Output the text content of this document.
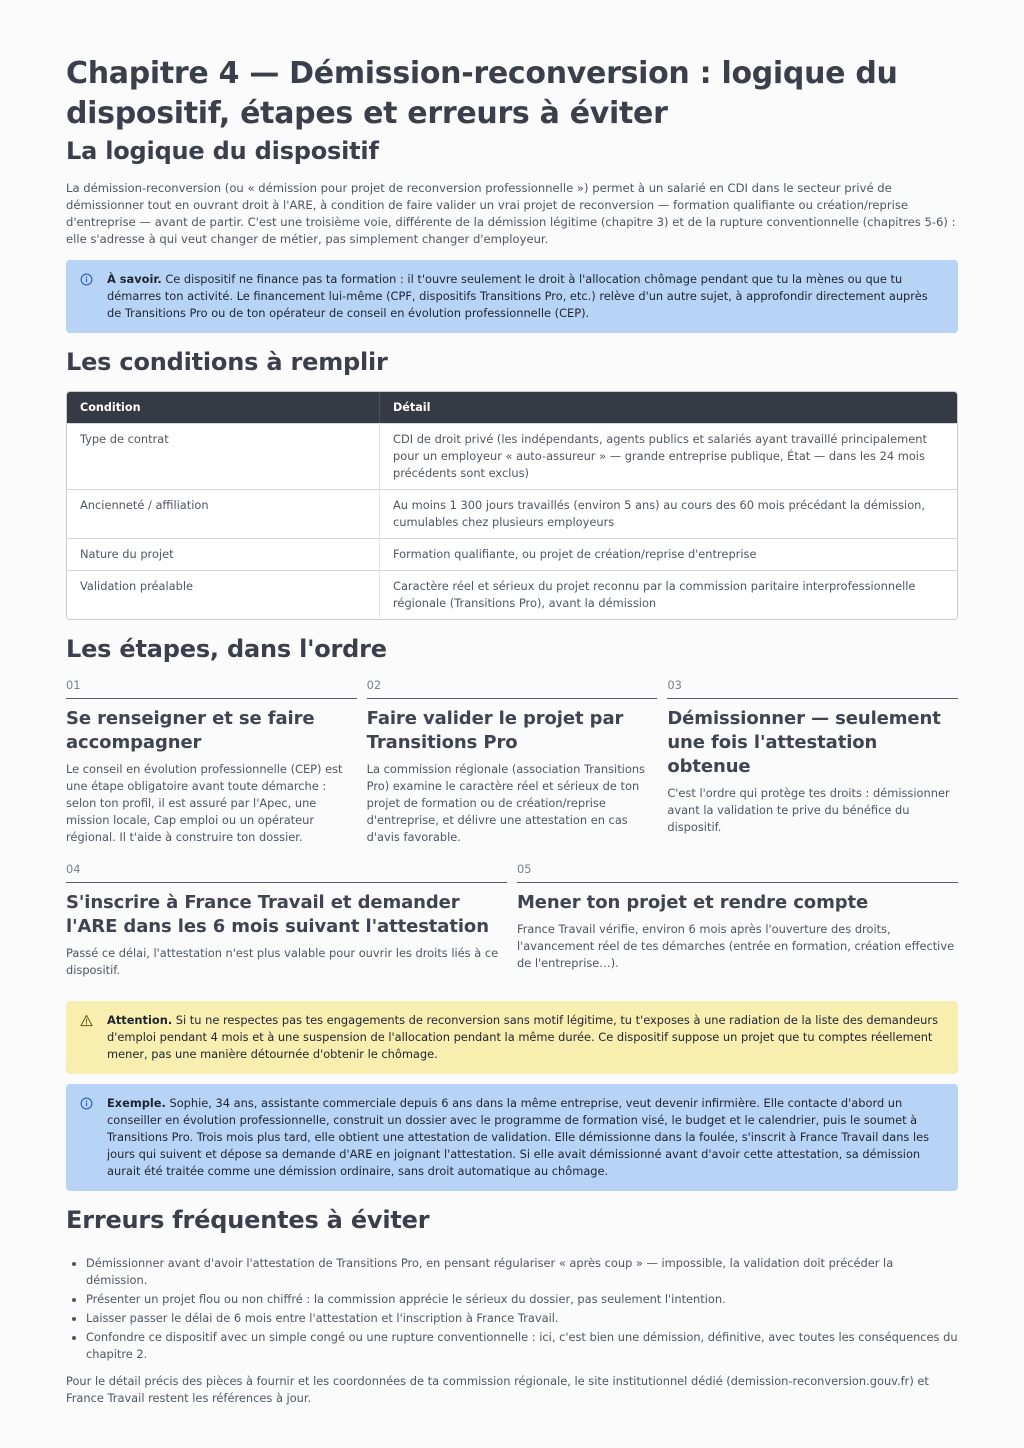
Chapitre 4 — Démission-reconversion : logique du dispositif, étapes et erreurs à éviter
La logique du dispositif

La démission-reconversion (ou « démission pour projet de reconversion professionnelle ») permet à un salarié en CDI dans le secteur privé de démissionner tout en ouvrant droit à l'ARE, à condition de faire valider un vrai projet de reconversion — formation qualifiante ou création/reprise d'entreprise — avant de partir. C'est une troisième voie, différente de la démission légitime (chapitre 3) et de la rupture conventionnelle (chapitres 5-6) : elle s'adresse à qui veut changer de métier, pas simplement changer d'employeur.

À savoir. Ce dispositif ne finance pas ta formation : il t'ouvre seulement le droit à l'allocation chômage pendant que tu la mènes ou que tu démarres ton activité. Le financement lui-même (CPF, dispositifs Transitions Pro, etc.) relève d'un autre sujet, à approfondir directement auprès de Transitions Pro ou de ton opérateur de conseil en évolution professionnelle (CEP).
Les conditions à remplir
Condition	Détail
Type de contrat	CDI de droit privé (les indépendants, agents publics et salariés ayant travaillé principalement pour un employeur « auto-assureur » — grande entreprise publique, État — dans les 24 mois précédents sont exclus)
Ancienneté / affiliation	Au moins 1 300 jours travaillés (environ 5 ans) au cours des 60 mois précédant la démission, cumulables chez plusieurs employeurs
Nature du projet	Formation qualifiante, ou projet de création/reprise d'entreprise
Validation préalable	Caractère réel et sérieux du projet reconnu par la commission paritaire interprofessionnelle régionale (Transitions Pro), avant la démission
Les étapes, dans l'ordre
01
Se renseigner et se faire accompagner

Le conseil en évolution professionnelle (CEP) est une étape obligatoire avant toute démarche : selon ton profil, il est assuré par l'Apec, une mission locale, Cap emploi ou un opérateur régional. Il t'aide à construire ton dossier.

02
Faire valider le projet par Transitions Pro

La commission régionale (association Transitions Pro) examine le caractère réel et sérieux de ton projet de formation ou de création/reprise d'entreprise, et délivre une attestation en cas d'avis favorable.

03
Démissionner — seulement une fois l'attestation obtenue

C'est l'ordre qui protège tes droits : démissionner avant la validation te prive du bénéfice du dispositif.

04
S'inscrire à France Travail et demander l'ARE dans les 6 mois suivant l'attestation

Passé ce délai, l'attestation n'est plus valable pour ouvrir les droits liés à ce dispositif.

05
Mener ton projet et rendre compte

France Travail vérifie, environ 6 mois après l'ouverture des droits, l'avancement réel de tes démarches (entrée en formation, création effective de l'entreprise…).

Attention. Si tu ne respectes pas tes engagements de reconversion sans motif légitime, tu t'exposes à une radiation de la liste des demandeurs d'emploi pendant 4 mois et à une suspension de l'allocation pendant la même durée. Ce dispositif suppose un projet que tu comptes réellement mener, pas une manière détournée d'obtenir le chômage.
Exemple. Sophie, 34 ans, assistante commerciale depuis 6 ans dans la même entreprise, veut devenir infirmière. Elle contacte d'abord un conseiller en évolution professionnelle, construit un dossier avec le programme de formation visé, le budget et le calendrier, puis le soumet à Transitions Pro. Trois mois plus tard, elle obtient une attestation de validation. Elle démissionne dans la foulée, s'inscrit à France Travail dans les jours qui suivent et dépose sa demande d'ARE en joignant l'attestation. Si elle avait démissionné avant d'avoir cette attestation, sa démission aurait été traitée comme une démission ordinaire, sans droit automatique au chômage.
Erreurs fréquentes à éviter
• Démissionner avant d'avoir l'attestation de Transitions Pro, en pensant régulariser « après coup » — impossible, la validation doit précéder la démission.
• Présenter un projet flou ou non chiffré : la commission apprécie le sérieux du dossier, pas seulement l'intention.
• Laisser passer le délai de 6 mois entre l'attestation et l'inscription à France Travail.
• Confondre ce dispositif avec un simple congé ou une rupture conventionnelle : ici, c'est bien une démission, définitive, avec toutes les conséquences du chapitre 2.

Pour le détail précis des pièces à fournir et les coordonnées de ta commission régionale, le site institutionnel dédié (demission-reconversion.gouv.fr) et France Travail restent les références à jour.
